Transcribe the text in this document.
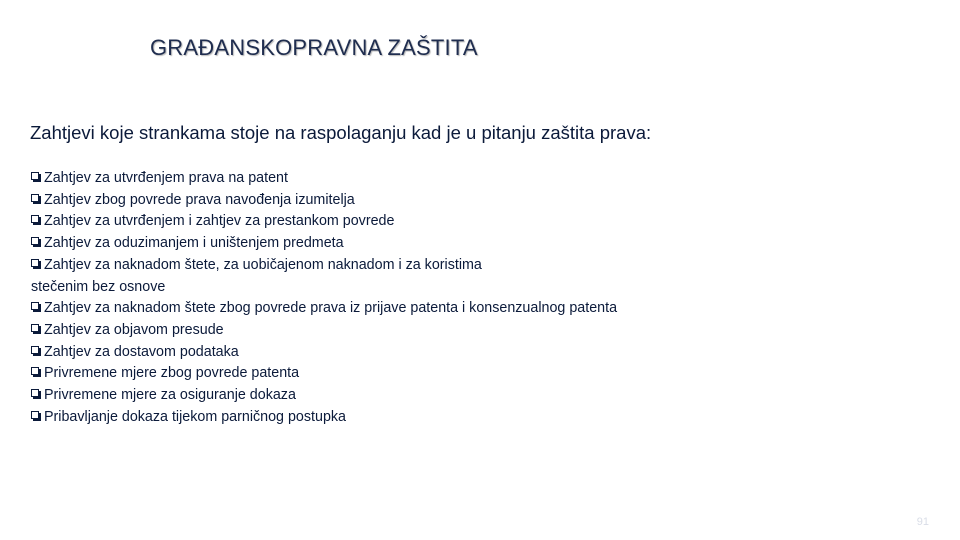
GRAĐANSKOPRAVNA ZAŠTITA
Zahtjevi koje strankama stoje na raspolaganju kad je u pitanju zaštita prava:
Zahtjev za utvrđenjem prava na patent
Zahtjev zbog povrede prava navođenja izumitelja
Zahtjev za utvrđenjem i zahtjev za prestankom povrede
Zahtjev za oduzimanjem i uništenjem predmeta
Zahtjev za naknadom štete, za uobičajenom naknadom i za koristima
stečenim bez osnove
Zahtjev za naknadom štete zbog povrede prava iz prijave patenta i konsenzualnog patenta
Zahtjev za objavom presude
Zahtjev za dostavom podataka
Privremene mjere zbog povrede patenta
Privremene mjere za osiguranje dokaza
Pribavljanje dokaza tijekom parničnog postupka
91
